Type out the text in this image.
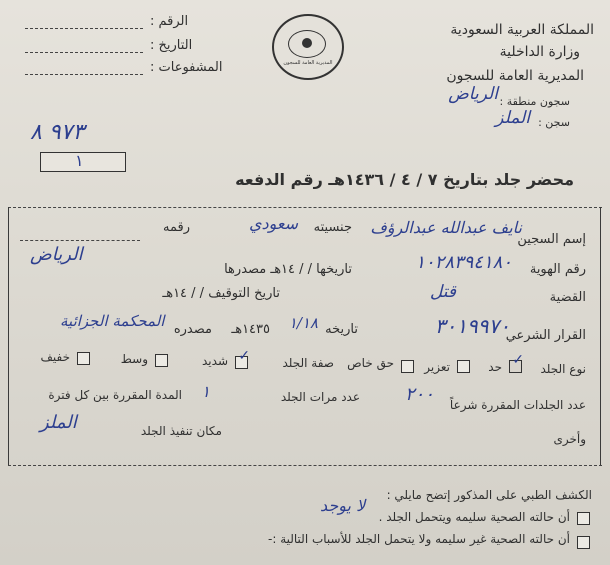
الرقم :
التاريخ :
المشفوعات :	المديرية العامة للسجون
المملكة العربية السعودية
وزارة الداخلية
المديرية العامة للسجون
سجون منطقة :
الرياض
سجن :
الملز
٩٧٣ ٨
محضر جلد بتاريخ ٧ / ٤ / ١٤٣٦هـ رقم الدفعه
١
إسم السجين
نايف عبدالله عبدالرؤف
جنسيته
سعودي
رقمه
رقم الهوية
١٠٢٨٣٩٤١٨٠
تاريخها / / ١٤هـ مصدرها
الرياض
القضية
قتل
تاريخ التوقيف / / ١٤هـ
القرار الشرعي
٣٠١٩٩٧٠
تاريخه
١/١٨
١٤٣٥هـ
مصدره
المحكمة الجزائية
نوع الجلد
✓
حد
تعزير
حق خاص
صفة الجلد
✓
شديد
وسط
خفيف
عدد الجلدات المقررة شرعاً
٢٠٠
عدد مرات الجلد
١
المدة المقررة بين كل فترة
مكان تنفيذ الجلد
الملز
وأخرى
الكشف الطبي على المذكور إتضح مايلي :
لا يوجد
أن حالته الصحية سليمه ويتحمل الجلد .
أن حالته الصحية غير سليمه ولا يتحمل الجلد للأسباب التالية :-
